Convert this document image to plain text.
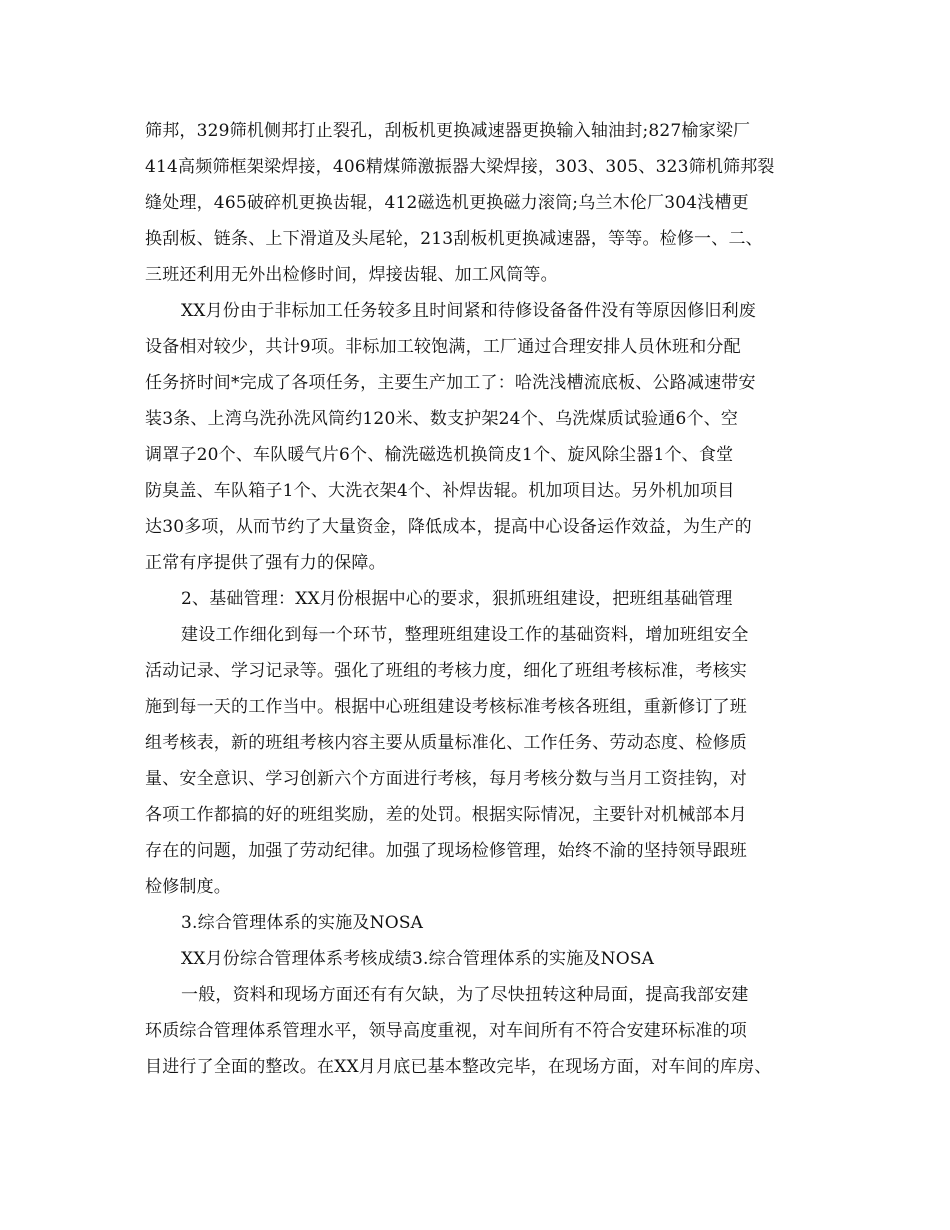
筛邦，329筛机侧邦打止裂孔，刮板机更换减速器更换输入轴油封;827榆家梁厂
414高频筛框架梁焊接，406精煤筛激振器大梁焊接，303、305、323筛机筛邦裂
缝处理，465破碎机更换齿辊，412磁选机更换磁力滚筒;乌兰木伦厂304浅槽更
换刮板、链条、上下滑道及头尾轮，213刮板机更换减速器，等等。检修一、二、
三班还利用无外出检修时间，焊接齿辊、加工风筒等。
XX月份由于非标加工任务较多且时间紧和待修设备备件没有等原因修旧利废
设备相对较少，共计9项。非标加工较饱满，工厂通过合理安排人员休班和分配
任务挤时间*完成了各项任务，主要生产加工了：哈洗浅槽流底板、公路减速带安
装3条、上湾乌洗孙洗风筒约120米、数支护架24个、乌洗煤质试验通6个、空
调罩子20个、车队暖气片6个、榆洗磁选机换筒皮1个、旋风除尘器1个、食堂
防臭盖、车队箱子1个、大洗衣架4个、补焊齿辊。机加项目达。另外机加项目
达30多项，从而节约了大量资金，降低成本，提高中心设备运作效益，为生产的
正常有序提供了强有力的保障。
2、基础管理：XX月份根据中心的要求，狠抓班组建设，把班组基础管理
建设工作细化到每一个环节，整理班组建设工作的基础资料，增加班组安全
活动记录、学习记录等。强化了班组的考核力度，细化了班组考核标准，考核实
施到每一天的工作当中。根据中心班组建设考核标准考核各班组，重新修订了班
组考核表，新的班组考核内容主要从质量标准化、工作任务、劳动态度、检修质
量、安全意识、学习创新六个方面进行考核，每月考核分数与当月工资挂钩，对
各项工作都搞的好的班组奖励，差的处罚。根据实际情况，主要针对机械部本月
存在的问题，加强了劳动纪律。加强了现场检修管理，始终不渝的坚持领导跟班
检修制度。
3.综合管理体系的实施及NOSA
XX月份综合管理体系考核成绩3.综合管理体系的实施及NOSA
一般，资料和现场方面还有有欠缺，为了尽快扭转这种局面，提高我部安建
环质综合管理体系管理水平，领导高度重视，对车间所有不符合安建环标准的项
目进行了全面的整改。在XX月月底已基本整改完毕，在现场方面，对车间的库房、
